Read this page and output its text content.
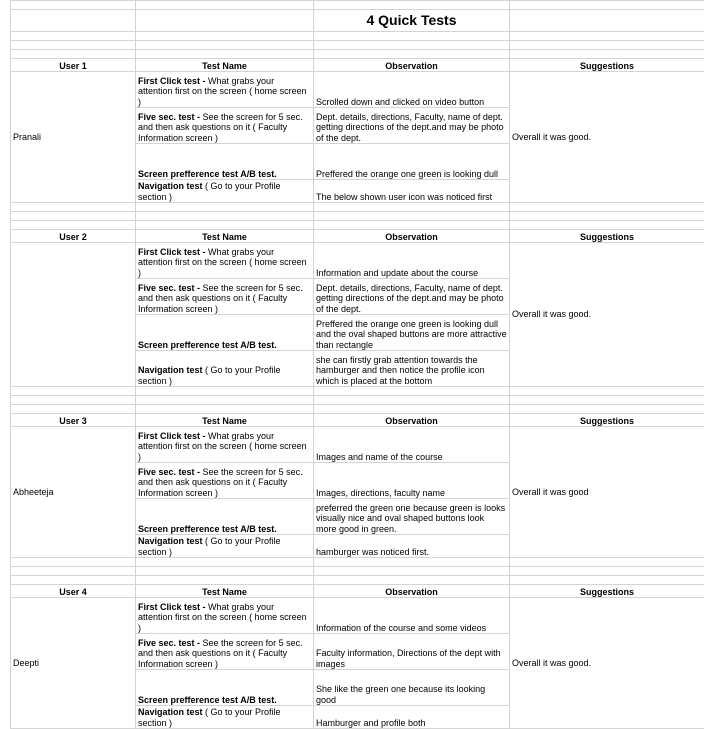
		4 Quick Tests	

User 1	Test Name	Observation	Suggestions
Pranali	First Click test - What grabs your attention first on the screen ( home screen )	Scrolled down and clicked on video button	Overall it was good.
	Five sec. test - See the screen for 5 sec. and then ask questions on it ( Faculty Information screen )	Dept. details, directions, Faculty, name of dept. getting directions of the dept.and may be photo of the dept.	
	Screen prefference test A/B test.	Preffered the orange one green is looking dull	
	Navigation test ( Go to your Profile section )	The below shown user icon was noticed first	

User 2	Test Name	Observation	Suggestions
	First Click test - What grabs your attention first on the screen ( home screen )	Information and update about the course	Overall it was good.
	Five sec. test - See the screen for 5 sec. and then ask questions on it ( Faculty Information screen )	Dept. details, directions, Faculty, name of dept. getting directions of the dept.and may be photo of the dept.	
	Screen prefference test A/B test.	Preffered the orange one green is looking dull and the oval shaped buttons are more attractive than rectangle	
	Navigation test ( Go to your Profile section )	she can firstly grab attention towards the hamburger and then notice the profile icon which is placed at the bottom	

User 3	Test Name	Observation	Suggestions
Abheeteja	First Click test - What grabs your attention first on the screen ( home screen )	Images and name of the course	Overall it was good
	Five sec. test - See the screen for 5 sec. and then ask questions on it ( Faculty Information screen )	Images, directions, faculty name	
	Screen prefference test A/B test.	preferred the green one because green is looks visually nice and oval shaped buttons look more good in green.	
	Navigation test ( Go to your Profile section )	hamburger was noticed first.	

User 4	Test Name	Observation	Suggestions
Deepti	First Click test - What grabs your attention first on the screen ( home screen )	Information of the course and some videos	Overall it was good.
	Five sec. test - See the screen for 5 sec. and then ask questions on it ( Faculty Information screen )	Faculty information, Directions of the dept with images	
	Screen prefference test A/B test.	She like the green one because its looking good	
	Navigation test ( Go to your Profile section )	Hamburger and profile both	
